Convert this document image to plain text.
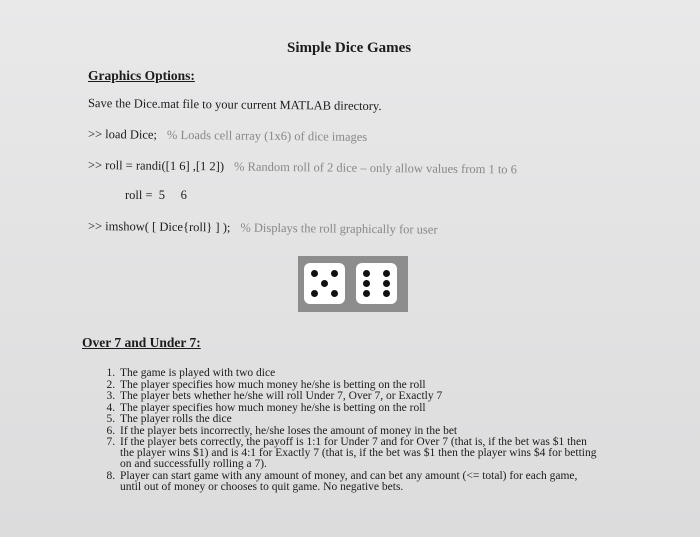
Simple Dice Games
Graphics Options:
Save the Dice.mat file to your current MATLAB directory.
>> load Dice; % Loads cell array (1x6) of dice images
>> roll = randi([1 6] ,[1 2]) % Random roll of 2 dice – only allow values from 1 to 6
roll =  5     6
>> imshow( [ Dice{roll} ] ); % Displays the roll graphically for user
Over 7 and Under 7:
1. The game is played with two dice
2. The player specifies how much money he/she is betting on the roll
3. The player bets whether he/she will roll Under 7, Over 7, or Exactly 7
4. The player specifies how much money he/she is betting on the roll
5. The player rolls the dice
6. If the player bets incorrectly, he/she loses the amount of money in the bet
7. If the player bets correctly, the payoff is 1:1 for Under 7 and for Over 7 (that is, if the bet was $1 then the player wins $1) and is 4:1 for Exactly 7 (that is, if the bet was $1 then the player wins $4 for betting on and successfully rolling a 7).
8. Player can start game with any amount of money, and can bet any amount (<= total) for each game, until out of money or chooses to quit game. No negative bets.
